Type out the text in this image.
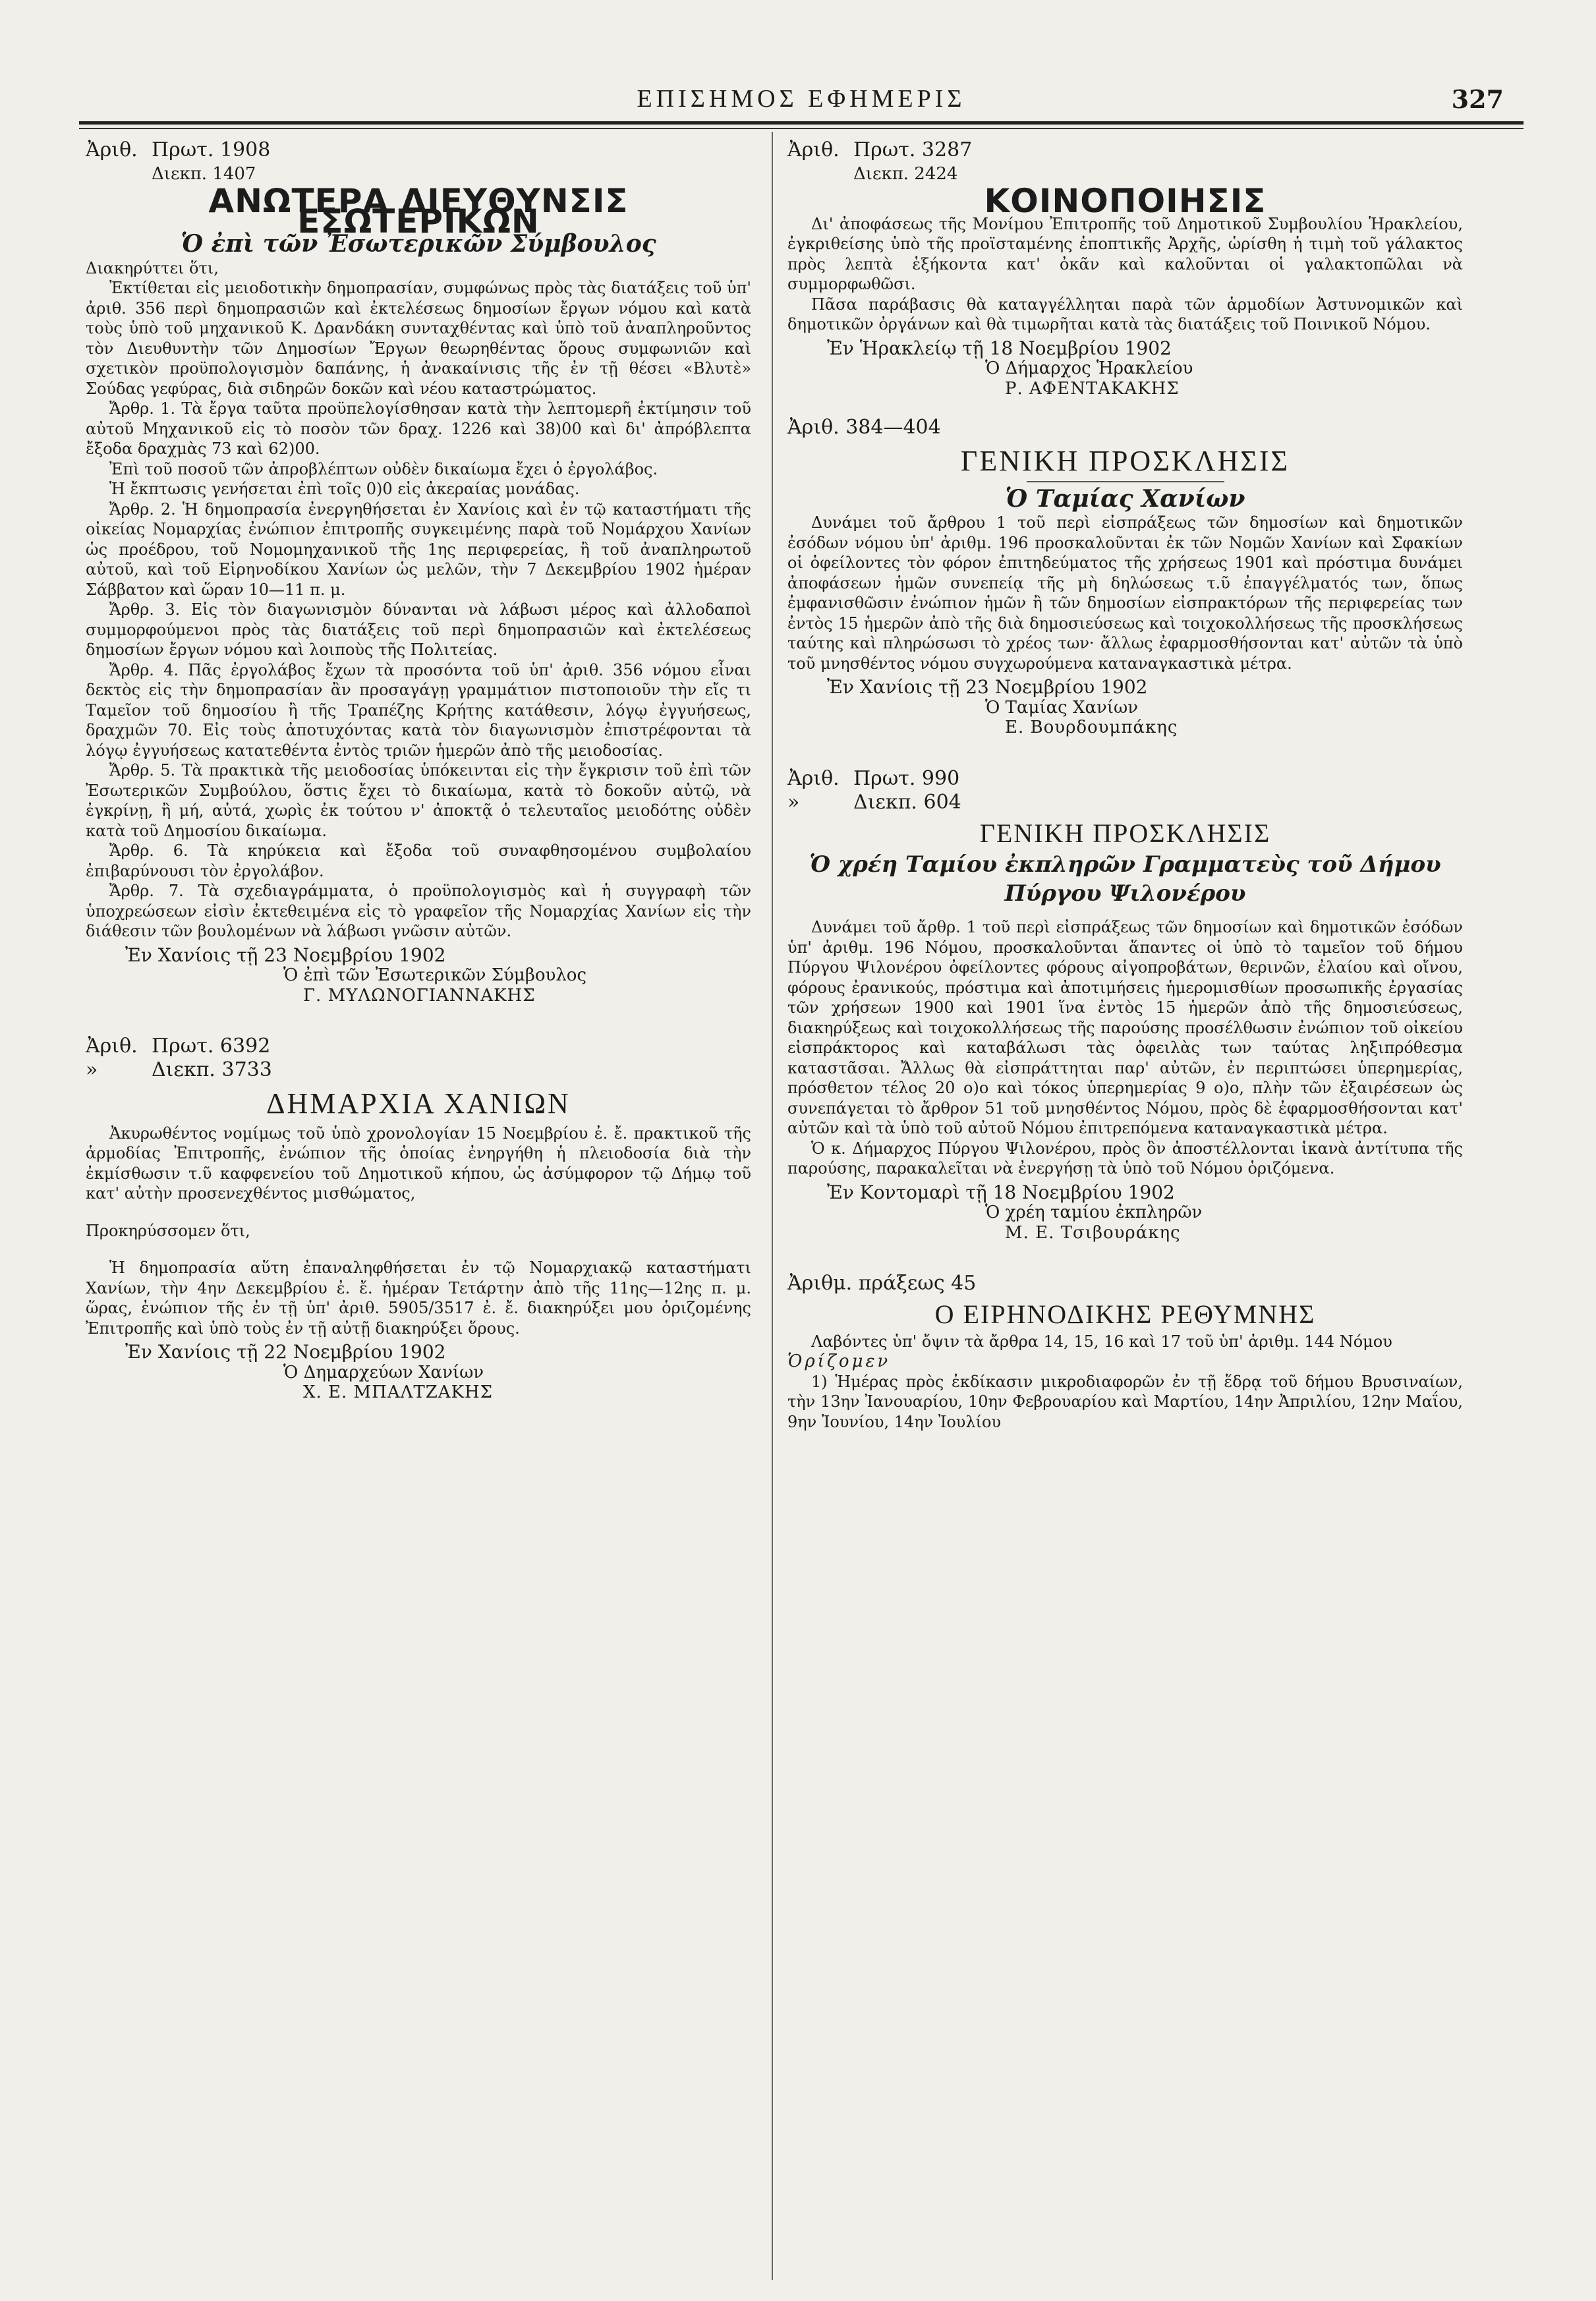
ΕΠΙΣΗΜΟΣ ΕΦΗΜΕΡΙΣ	327
Ἀριθ. Πρωτ. 1908
Διεκπ. 1407
ΑΝΩΤΕΡΑ ΔΙΕΥΘΥΝΣΙΣ ΕΣΩΤΕΡΙΚΩΝ
Ὁ ἐπὶ τῶν Ἐσωτερικῶν Σύμβουλος

Διακηρύττει ὅτι,

Ἐκτίθεται εἰς μειοδοτικὴν δημοπρασίαν, συμφώνως πρὸς τὰς διατάξεις τοῦ ὑπ' ἀριθ. 356 περὶ δημοπρασιῶν καὶ ἐκτελέσεως δημοσίων ἔργων νόμου καὶ κατὰ τοὺς ὑπὸ τοῦ μηχανικοῦ Κ. Δρανδάκη συνταχθέντας καὶ ὑπὸ τοῦ ἀναπληροῦντος τὸν Διευθυντὴν τῶν Δημοσίων Ἔργων θεωρηθέντας ὅρους συμφωνιῶν καὶ σχετικὸν προϋπολογισμὸν δαπάνης, ἡ ἀνακαίνισις τῆς ἐν τῇ θέσει «Βλυτὲ» Σούδας γεφύρας, διὰ σιδηρῶν δοκῶν καὶ νέου καταστρώματος.

Ἄρθρ. 1. Τὰ ἔργα ταῦτα προϋπελογίσθησαν κατὰ τὴν λεπτομερῆ ἐκτίμησιν τοῦ αὐτοῦ Μηχανικοῦ εἰς τὸ ποσὸν τῶν δραχ. 1226 καὶ 38)00 καὶ δι' ἀπρόβλεπτα ἔξοδα δραχμὰς 73 καὶ 62)00.

Ἐπὶ τοῦ ποσοῦ τῶν ἀπροβλέπτων οὐδὲν δικαίωμα ἔχει ὁ ἐργολάβος.

Ἡ ἔκπτωσις γενήσεται ἐπὶ τοῖς 0)0 εἰς ἀκεραίας μονάδας.

Ἄρθρ. 2. Ἡ δημοπρασία ἐνεργηθήσεται ἐν Χανίοις καὶ ἐν τῷ καταστήματι τῆς οἰκείας Νομαρχίας ἐνώπιον ἐπιτροπῆς συγκειμένης παρὰ τοῦ Νομάρχου Χανίων ὡς προέδρου, τοῦ Νομομηχανικοῦ τῆς 1ης περιφερείας, ἢ τοῦ ἀναπληρωτοῦ αὐτοῦ, καὶ τοῦ Εἰρηνοδίκου Χανίων ὡς μελῶν, τὴν 7 Δεκεμβρίου 1902 ἡμέραν Σάββατον καὶ ὥραν 10—11 π. μ.

Ἄρθρ. 3. Εἰς τὸν διαγωνισμὸν δύνανται νὰ λάβωσι μέρος καὶ ἀλλοδαποὶ συμμορφούμενοι πρὸς τὰς διατάξεις τοῦ περὶ δημοπρασιῶν καὶ ἐκτελέσεως δημοσίων ἔργων νόμου καὶ λοιποὺς τῆς Πολιτείας.

Ἄρθρ. 4. Πᾶς ἐργολάβος ἔχων τὰ προσόντα τοῦ ὑπ' ἀριθ. 356 νόμου εἶναι δεκτὸς εἰς τὴν δημοπρασίαν ἂν προσαγάγῃ γραμμάτιον πιστοποιοῦν τὴν εἴς τι Ταμεῖον τοῦ δημοσίου ἢ τῆς Τραπέζης Κρήτης κατάθεσιν, λόγῳ ἐγγυήσεως, δραχμῶν 70. Εἰς τοὺς ἀποτυχόντας κατὰ τὸν διαγωνισμὸν ἐπιστρέφονται τὰ λόγῳ ἐγγυήσεως κατατεθέντα ἐντὸς τριῶν ἡμερῶν ἀπὸ τῆς μειοδοσίας.

Ἄρθρ. 5. Τὰ πρακτικὰ τῆς μειοδοσίας ὑπόκεινται εἰς τὴν ἔγκρισιν τοῦ ἐπὶ τῶν Ἐσωτερικῶν Συμβούλου, ὅστις ἔχει τὸ δικαίωμα, κατὰ τὸ δοκοῦν αὐτῷ, νὰ ἐγκρίνῃ, ἢ μή, αὐτά, χωρὶς ἐκ τούτου ν' ἀποκτᾷ ὁ τελευταῖος μειοδότης οὐδὲν κατὰ τοῦ Δημοσίου δικαίωμα.

Ἄρθρ. 6. Τὰ κηρύκεια καὶ ἔξοδα τοῦ συναφθησομένου συμβολαίου ἐπιβαρύνουσι τὸν ἐργολάβον.

Ἄρθρ. 7. Τὰ σχεδιαγράμματα, ὁ προϋπολογισμὸς καὶ ἡ συγγραφὴ τῶν ὑποχρεώσεων εἰσὶν ἐκτεθειμένα εἰς τὸ γραφεῖον τῆς Νομαρχίας Χανίων εἰς τὴν διάθεσιν τῶν βουλομένων νὰ λάβωσι γνῶσιν αὐτῶν.

Ἐν Χανίοις τῇ 23 Νοεμβρίου 1902

Ὁ ἐπὶ τῶν Ἐσωτερικῶν Σύμβουλος

Γ. ΜΥΛΩΝΟΓΙΑΝΝΑΚΗΣ

Ἀριθ. Πρωτ. 6392
»	Διεκπ. 3733
ΔΗΜΑΡΧΙΑ ΧΑΝΙΩΝ

Ἀκυρωθέντος νομίμως τοῦ ὑπὸ χρονολογίαν 15 Νοεμβρίου ἐ. ἔ. πρακτικοῦ τῆς ἁρμοδίας Ἐπιτροπῆς, ἐνώπιον τῆς ὁποίας ἐνηργήθη ἡ πλειοδοσία διὰ τὴν ἐκμίσθωσιν τ.ῦ καφφενείου τοῦ Δημοτικοῦ κήπου, ὡς ἀσύμφορον τῷ Δήμῳ τοῦ κατ' αὐτὴν προσενεχθέντος μισθώματος,

Προκηρύσσομεν ὅτι,

Ἡ δημοπρασία αὕτη ἐπαναληφθήσεται ἐν τῷ Νομαρχιακῷ καταστήματι Χανίων, τὴν 4ην Δεκεμβρίου ἐ. ἔ. ἡμέραν Τετάρτην ἀπὸ τῆς 11ης—12ης π. μ. ὥρας, ἐνώπιον τῆς ἐν τῇ ὑπ' ἀριθ. 5905/3517 ἐ. ἔ. διακηρύξει μου ὁριζομένης Ἐπιτροπῆς καὶ ὑπὸ τοὺς ἐν τῇ αὐτῇ διακηρύξει ὅρους.

Ἐν Χανίοις τῇ 22 Νοεμβρίου 1902

Ὁ Δημαρχεύων Χανίων

Χ. Ε. ΜΠΑΛΤΖΑΚΗΣ

Ἀριθ. Πρωτ. 3287
Διεκπ. 2424
ΚΟΙΝΟΠΟΙΗΣΙΣ

Δι' ἀποφάσεως τῆς Μονίμου Ἐπιτροπῆς τοῦ Δημοτικοῦ Συμβουλίου Ἡρακλείου, ἐγκριθείσης ὑπὸ τῆς προϊσταμένης ἐποπτικῆς Ἀρχῆς, ὡρίσθη ἡ τιμὴ τοῦ γάλακτος πρὸς λεπτὰ ἑξήκοντα κατ' ὀκᾶν καὶ καλοῦνται οἱ γαλακτοπῶλαι νὰ συμμορφωθῶσι.

Πᾶσα παράβασις θὰ καταγγέλληται παρὰ τῶν ἁρμοδίων Ἀστυνομικῶν καὶ δημοτικῶν ὀργάνων καὶ θὰ τιμωρῆται κατὰ τὰς διατάξεις τοῦ Ποινικοῦ Νόμου.

Ἐν Ἡρακλείῳ τῇ 18 Νοεμβρίου 1902

Ὁ Δήμαρχος Ἡρακλείου

Ρ. ΑΦΕΝΤΑΚΑΚΗΣ

Ἀριθ. 384—404
ΓΕΝΙΚΗ ΠΡΟΣΚΛΗΣΙΣ
Ὁ Ταμίας Χανίων

Δυνάμει τοῦ ἄρθρου 1 τοῦ περὶ εἰσπράξεως τῶν δημοσίων καὶ δημοτικῶν ἐσόδων νόμου ὑπ' ἀριθμ. 196 προσκαλοῦνται ἐκ τῶν Νομῶν Χανίων καὶ Σφακίων οἱ ὀφείλοντες τὸν φόρον ἐπιτηδεύματος τῆς χρήσεως 1901 καὶ πρόστιμα δυνάμει ἀποφάσεων ἡμῶν συνεπείᾳ τῆς μὴ δηλώσεως τ.ῦ ἐπαγγέλματός των, ὅπως ἐμφανισθῶσιν ἐνώπιον ἡμῶν ἢ τῶν δημοσίων εἰσπρακτόρων τῆς περιφερείας των ἐντὸς 15 ἡμερῶν ἀπὸ τῆς διὰ δημοσιεύσεως καὶ τοιχοκολλήσεως τῆς προσκλήσεως ταύτης καὶ πληρώσωσι τὸ χρέος των· ἄλλως ἐφαρμοσθήσονται κατ' αὐτῶν τὰ ὑπὸ τοῦ μνησθέντος νόμου συγχωρούμενα καταναγκαστικὰ μέτρα.

Ἐν Χανίοις τῇ 23 Νοεμβρίου 1902

Ὁ Ταμίας Χανίων

Ε. Βουρδουμπάκης

Ἀριθ. Πρωτ. 990
»	Διεκπ. 604
ΓΕΝΙΚΗ ΠΡΟΣΚΛΗΣΙΣ
Ὁ χρέη Ταμίου ἐκπληρῶν Γραμματεὺς τοῦ Δήμου Πύργου Ψιλονέρου

Δυνάμει τοῦ ἄρθρ. 1 τοῦ περὶ εἰσπράξεως τῶν δημοσίων καὶ δημοτικῶν ἐσόδων ὑπ' ἀριθμ. 196 Νόμου, προσκαλοῦνται ἅπαντες οἱ ὑπὸ τὸ ταμεῖον τοῦ δήμου Πύργου Ψιλονέρου ὀφείλοντες φόρους αἰγοπροβάτων, θερινῶν, ἐλαίου καὶ οἴνου, φόρους ἐρανικούς, πρόστιμα καὶ ἀποτιμήσεις ἡμερομισθίων προσωπικῆς ἐργασίας τῶν χρήσεων 1900 καὶ 1901 ἵνα ἐντὸς 15 ἡμερῶν ἀπὸ τῆς δημοσιεύσεως, διακηρύξεως καὶ τοιχοκολλήσεως τῆς παρούσης προσέλθωσιν ἐνώπιον τοῦ οἰκείου εἰσπράκτορος καὶ καταβάλωσι τὰς ὀφειλὰς των ταύτας ληξιπρόθεσμα καταστᾶσαι. Ἄλλως θὰ εἰσπράττηται παρ' αὐτῶν, ἐν περιπτώσει ὑπερημερίας, πρόσθετον τέλος 20 ο)ο καὶ τόκος ὑπερημερίας 9 ο)ο, πλὴν τῶν ἐξαιρέσεων ὡς συνεπάγεται τὸ ἄρθρον 51 τοῦ μνησθέντος Νόμου, πρὸς δὲ ἐφαρμοσθήσονται κατ' αὐτῶν καὶ τὰ ὑπὸ τοῦ αὐτοῦ Νόμου ἐπιτρεπόμενα καταναγκαστικὰ μέτρα.

Ὁ κ. Δήμαρχος Πύργου Ψιλονέρου, πρὸς ὃν ἀποστέλλονται ἱκανὰ ἀντίτυπα τῆς παρούσης, παρακαλεῖται νὰ ἐνεργήσῃ τὰ ὑπὸ τοῦ Νόμου ὁριζόμενα.

Ἐν Κοντομαρὶ τῇ 18 Νοεμβρίου 1902

Ὁ χρέη ταμίου ἐκπληρῶν

Μ. Ε. Τσιβουράκης

Ἀριθμ. πράξεως 45
Ο ΕΙΡΗΝΟΔΙΚΗΣ ΡΕΘΥΜΝΗΣ

Λαβόντες ὑπ' ὄψιν τὰ ἄρθρα 14, 15, 16 καὶ 17 τοῦ ὑπ' ἀριθμ. 144 Νόμου

Ὁρίζομεν

1) Ἡμέρας πρὸς ἐκδίκασιν μικροδιαφορῶν ἐν τῇ ἕδρᾳ τοῦ δήμου Βρυσιναίων, τὴν 13ην Ἰανουαρίου, 10ην Φεβρουαρίου καὶ Μαρτίου, 14ην Ἀπριλίου, 12ην Μαΐου, 9ην Ἰουνίου, 14ην Ἰουλίου
